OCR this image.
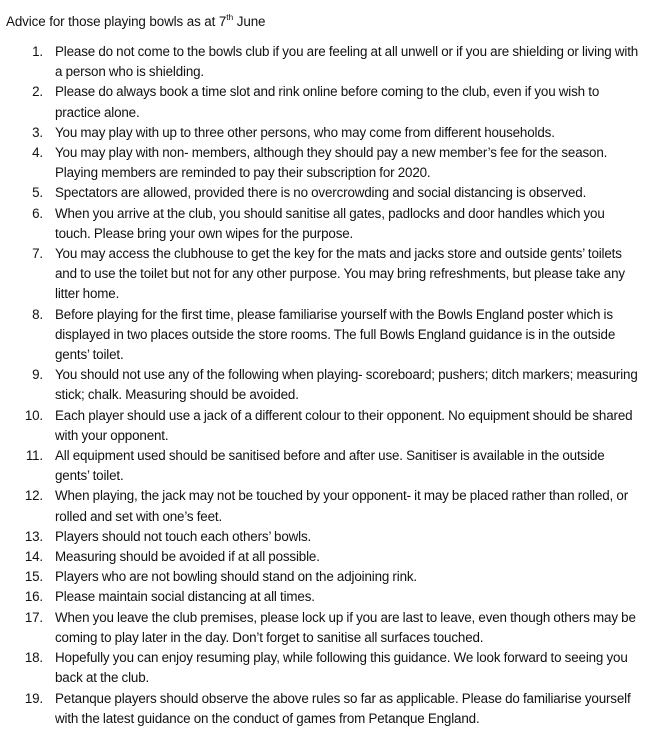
Advice for those playing bowls as at 7th June
1. Please do not come to the bowls club if you are feeling at all unwell or if you are shielding or living with a person who is shielding.
2. Please do always book a time slot and rink online before coming to the club, even if you wish to practice alone.
3. You may play with up to three other persons, who may come from different households.
4. You may play with non- members, although they should pay a new member’s fee for the season. Playing members are reminded to pay their subscription for 2020.
5. Spectators are allowed, provided there is no overcrowding and social distancing is observed.
6. When you arrive at the club, you should sanitise all gates, padlocks and door handles which you touch. Please bring your own wipes for the purpose.
7. You may access the clubhouse to get the key for the mats and jacks store and outside gents’ toilets and to use the toilet but not for any other purpose. You may bring refreshments, but please take any litter home.
8. Before playing for the first time, please familiarise yourself with the Bowls England poster which is displayed in two places outside the store rooms. The full Bowls England guidance is in the outside gents’ toilet.
9. You should not use any of the following when playing- scoreboard; pushers; ditch markers; measuring stick; chalk. Measuring should be avoided.
10. Each player should use a jack of a different colour to their opponent. No equipment should be shared with your opponent.
11. All equipment used should be sanitised before and after use. Sanitiser is available in the outside gents’ toilet.
12. When playing, the jack may not be touched by your opponent- it may be placed rather than rolled, or rolled and set with one’s feet.
13. Players should not touch each others’ bowls.
14. Measuring should be avoided if at all possible.
15. Players who are not bowling should stand on the adjoining rink.
16. Please maintain social distancing at all times.
17. When you leave the club premises, please lock up if you are last to leave, even though others may be coming to play later in the day. Don’t forget to sanitise all surfaces touched.
18. Hopefully you can enjoy resuming play, while following this guidance. We look forward to seeing you back at the club.
19. Petanque players should observe the above rules so far as applicable. Please do familiarise yourself with the latest guidance on the conduct of games from Petanque England.
